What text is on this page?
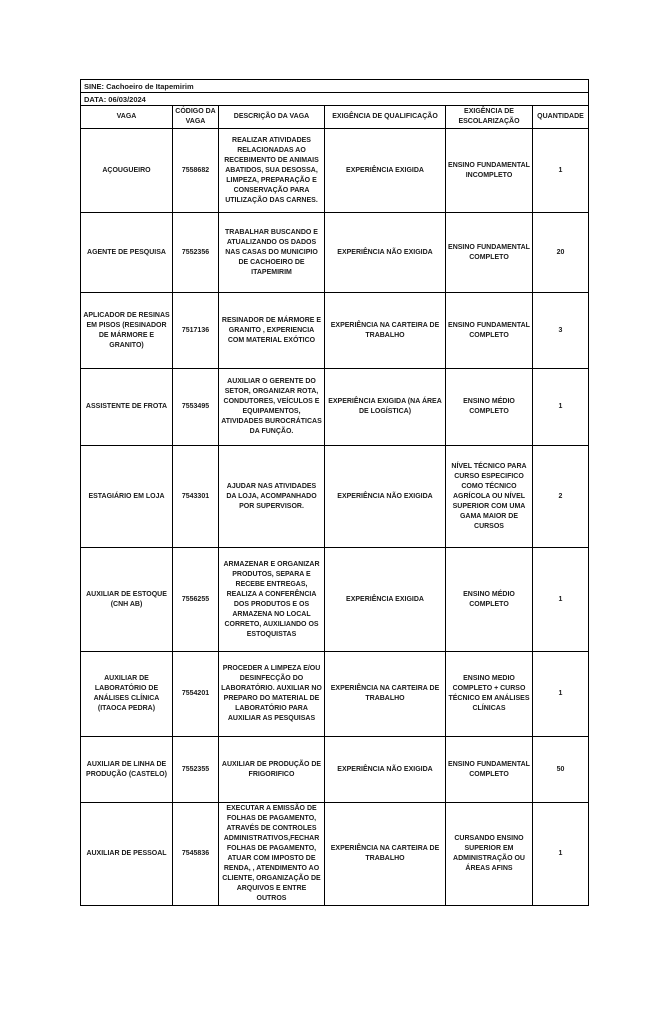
SINE: Cachoeiro de Itapemirim					
DATA: 06/03/2024					
VAGA	CÓDIGO DA VAGA	DESCRIÇÃO DA VAGA	EXIGÊNCIA DE QUALIFICAÇÃO	EXIGÊNCIA DE ESCOLARIZAÇÃO	QUANTIDADE
AÇOUGUEIRO	7558682	REALIZAR ATIVIDADES RELACIONADAS AO RECEBIMENTO DE ANIMAIS ABATIDOS, SUA DESOSSA, LIMPEZA, PREPARAÇÃO E CONSERVAÇÃO PARA UTILIZAÇÃO DAS CARNES.	EXPERIÊNCIA EXIGIDA	ENSINO FUNDAMENTAL INCOMPLETO	1
AGENTE DE PESQUISA	7552356	TRABALHAR BUSCANDO E ATUALIZANDO OS DADOS NAS CASAS DO MUNICIPIO DE CACHOEIRO DE ITAPEMIRIM	EXPERIÊNCIA NÃO EXIGIDA	ENSINO FUNDAMENTAL COMPLETO	20
APLICADOR DE RESINAS EM PISOS (RESINADOR DE MÁRMORE E GRANITO)	7517136	RESINADOR DE MÁRMORE E GRANITO , EXPERIENCIA COM MATERIAL EXÓTICO	EXPERIÊNCIA NA CARTEIRA DE TRABALHO	ENSINO FUNDAMENTAL COMPLETO	3
ASSISTENTE DE FROTA	7553495	AUXILIAR O GERENTE DO SETOR, ORGANIZAR ROTA, CONDUTORES, VEÍCULOS E EQUIPAMENTOS, ATIVIDADES BUROCRÁTICAS DA FUNÇÃO.	EXPERIÊNCIA EXIGIDA (NA ÁREA DE LOGÍSTICA)	ENSINO MÉDIO COMPLETO	1
ESTAGIÁRIO EM LOJA	7543301	AJUDAR NAS ATIVIDADES DA LOJA, ACOMPANHADO POR SUPERVISOR.	EXPERIÊNCIA NÃO EXIGIDA	NÍVEL TÉCNICO PARA CURSO ESPECIFICO COMO TÉCNICO AGRÍCOLA OU NÍVEL SUPERIOR COM UMA GAMA MAIOR DE CURSOS	2
AUXILIAR DE ESTOQUE (CNH AB)	7556255	ARMAZENAR E ORGANIZAR PRODUTOS, SEPARA E RECEBE ENTREGAS, REALIZA A CONFERÊNCIA DOS PRODUTOS E OS ARMAZENA NO LOCAL CORRETO, AUXILIANDO OS ESTOQUISTAS	EXPERIÊNCIA EXIGIDA	ENSINO MÉDIO COMPLETO	1
AUXILIAR DE LABORATÓRIO DE ANÁLISES CLÍNICA (ITAOCA PEDRA)	7554201	PROCEDER A LIMPEZA E/OU DESINFECÇÃO DO LABORATÓRIO. AUXILIAR NO PREPARO DO MATERIAL DE LABORATÓRIO PARA AUXILIAR AS PESQUISAS	EXPERIÊNCIA NA CARTEIRA DE TRABALHO	ENSINO MEDIO COMPLETO + CURSO TÉCNICO EM ANÁLISES CLÍNICAS	1
AUXILIAR DE LINHA DE PRODUÇÃO (CASTELO)	7552355	AUXILIAR DE PRODUÇÃO DE FRIGORIFICO	EXPERIÊNCIA NÃO EXIGIDA	ENSINO FUNDAMENTAL COMPLETO	50
AUXILIAR DE PESSOAL	7545836	EXECUTAR A EMISSÃO DE FOLHAS DE PAGAMENTO, ATRAVÉS DE CONTROLES ADMINISTRATIVOS,FECHAR FOLHAS DE PAGAMENTO, ATUAR COM IMPOSTO DE RENDA, , ATENDIMENTO AO CLIENTE, ORGANIZAÇÃO DE ARQUIVOS E ENTRE OUTROS	EXPERIÊNCIA NA CARTEIRA DE TRABALHO	CURSANDO ENSINO SUPERIOR EM ADMINISTRAÇÃO OU ÁREAS AFINS	1
